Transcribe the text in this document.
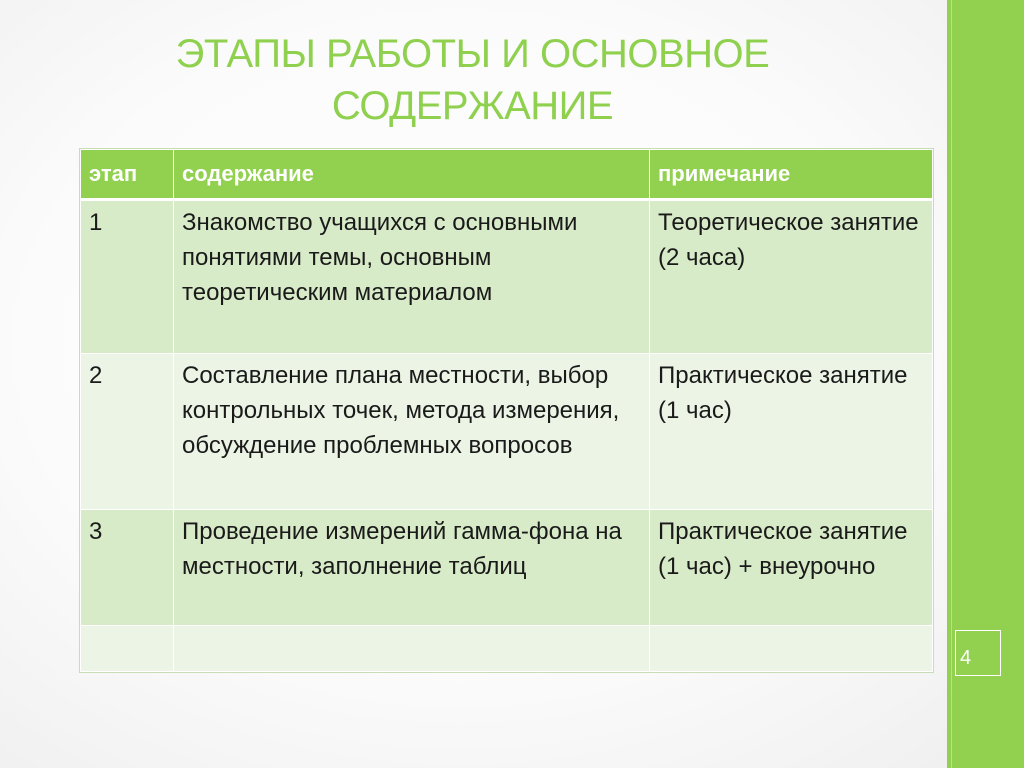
ЭТАПЫ РАБОТЫ И ОСНОВНОЕ
СОДЕРЖАНИЕ
этап	содержание	примечание
1	Знакомство учащихся с основными понятиями темы, основным теоретическим материалом	Теоретическое занятие (2 часа)
2	Составление плана местности, выбор контрольных точек, метода измерения, обсуждение проблемных вопросов	Практическое занятие (1 час)
3	Проведение измерений гамма-фона на местности, заполнение таблиц	Практическое занятие (1 час) + внеурочно

4
